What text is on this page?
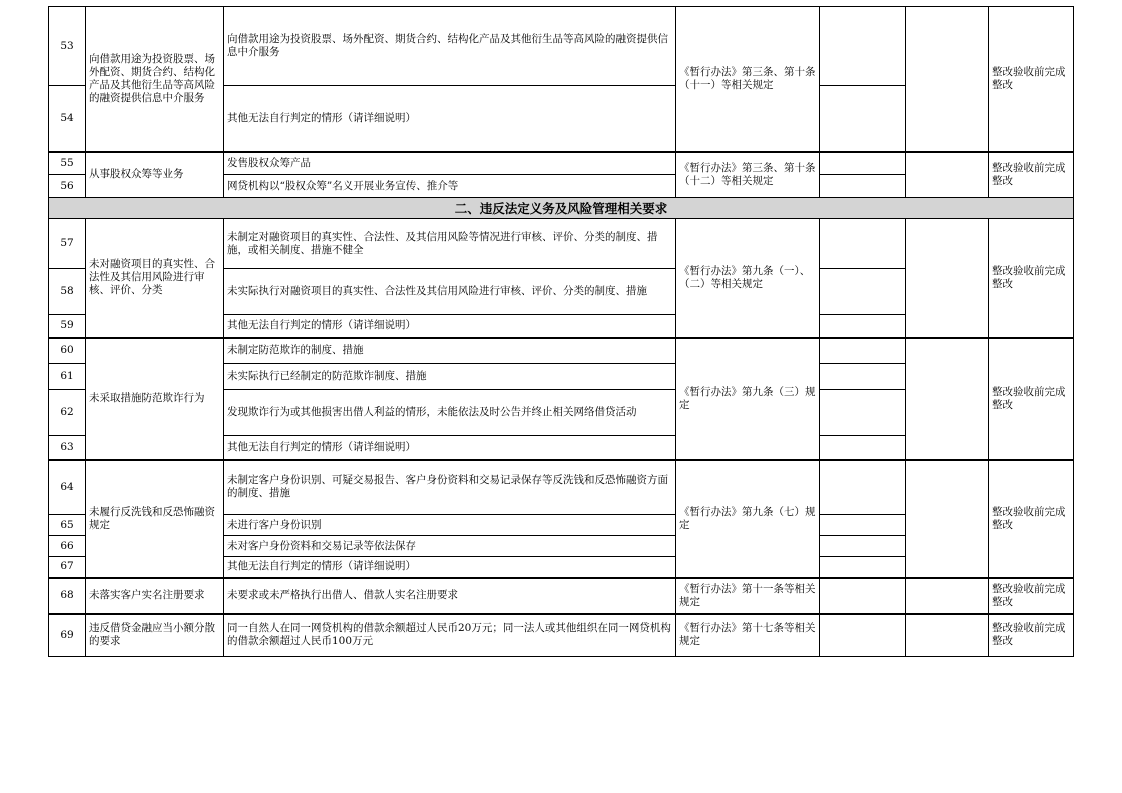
53	向借款用途为投资股票、场外配资、期货合约、结构化产品及其他衍生品等高风险的融资提供信息中介服务	向借款用途为投资股票、场外配资、期货合约、结构化产品及其他衍生品等高风险的融资提供信息中介服务	《暂行办法》第三条、第十条（十一）等相关规定			整改验收前完成整改
54		其他无法自行判定的情形（请详细说明）				
55	从事股权众筹等业务	发售股权众筹产品	《暂行办法》第三条、第十条（十二）等相关规定			整改验收前完成整改
56		网贷机构以“股权众筹”名义开展业务宣传、推介等				
二、违反法定义务及风险管理相关要求						
57	未对融资项目的真实性、合法性及其信用风险进行审核、评价、分类	未制定对融资项目的真实性、合法性、及其信用风险等情况进行审核、评价、分类的制度、措施，或相关制度、措施不健全	《暂行办法》第九条（一）、（二）等相关规定			整改验收前完成整改
58		未实际执行对融资项目的真实性、合法性及其信用风险进行审核、评价、分类的制度、措施				
59		其他无法自行判定的情形（请详细说明）				
60	未采取措施防范欺诈行为	未制定防范欺诈的制度、措施	《暂行办法》第九条（三）规定			整改验收前完成整改
61		未实际执行已经制定的防范欺诈制度、措施				
62		发现欺诈行为或其他损害出借人利益的情形，未能依法及时公告并终止相关网络借贷活动				
63		其他无法自行判定的情形（请详细说明）				
64	未履行反洗钱和反恐怖融资规定	未制定客户身份识别、可疑交易报告、客户身份资料和交易记录保存等反洗钱和反恐怖融资方面的制度、措施	《暂行办法》第九条（七）规定			整改验收前完成整改
65		未进行客户身份识别				
66		未对客户身份资料和交易记录等依法保存				
67		其他无法自行判定的情形（请详细说明）				
68	未落实客户实名注册要求	未要求或未严格执行出借人、借款人实名注册要求	《暂行办法》第十一条等相关规定			整改验收前完成整改
69	违反借贷金融应当小额分散的要求	同一自然人在同一网贷机构的借款余额超过人民币20万元；同一法人或其他组织在同一网贷机构的借款余额超过人民币100万元	《暂行办法》第十七条等相关规定			整改验收前完成整改
